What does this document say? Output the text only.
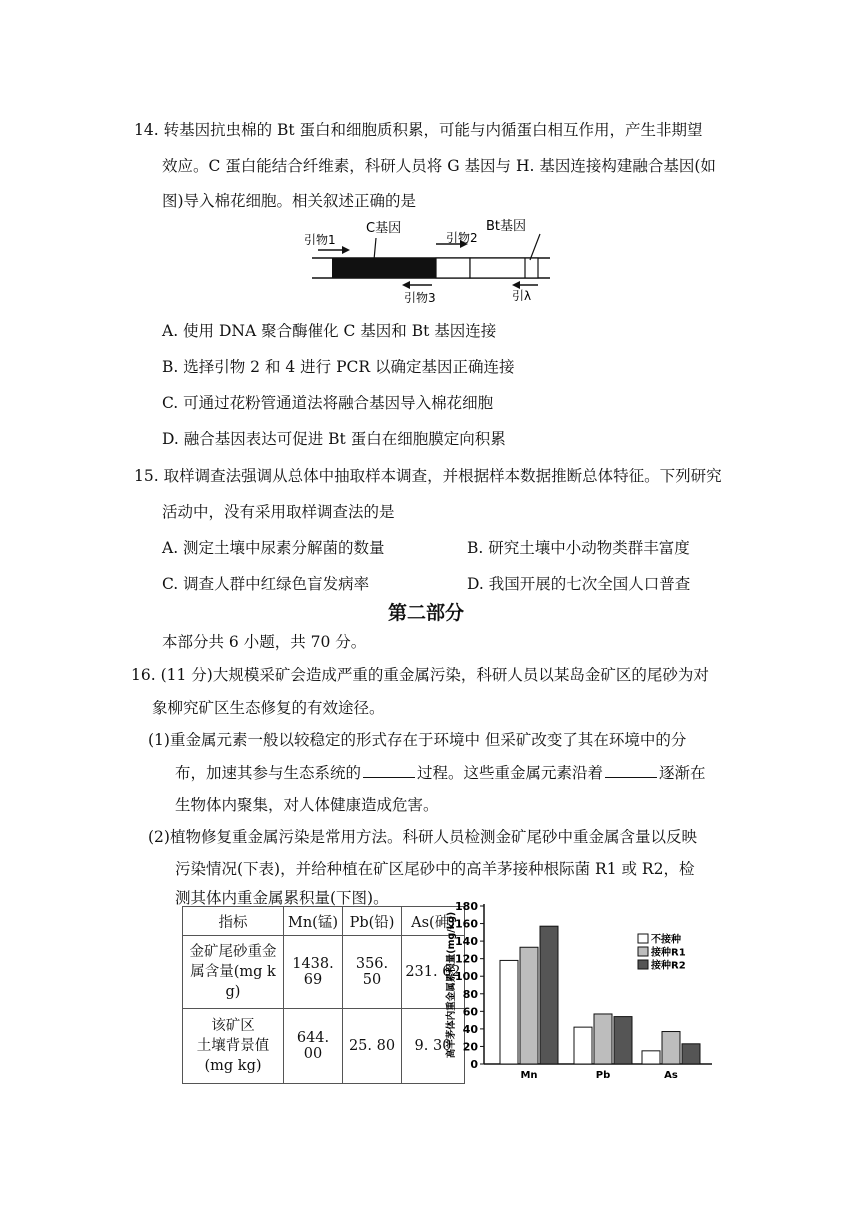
14. 转基因抗虫棉的 Bt 蛋白和细胞质积累，可能与内循蛋白相互作用，产生非期望
效应。C 蛋白能结合纤维素，科研人员将 G 基因与 H. 基因连接构建融合基因(如
图)导入棉花细胞。相关叙述正确的是
引物1
C基因
引物2
Bt基因
引物3	引λ
A. 使用 DNA 聚合酶催化 C 基因和 Bt 基因连接
B. 选择引物 2 和 4 进行 PCR 以确定基因正确连接
C. 可通过花粉管通道法将融合基因导入棉花细胞
D. 融合基因表达可促进 Bt 蛋白在细胞膜定向积累
15. 取样调查法强调从总体中抽取样本调查，并根据样本数据推断总体特征。下列研究
活动中，没有采用取样调查法的是
A. 测定土壤中尿素分解菌的数量	B. 研究土壤中小动物类群丰富度
C. 调查人群中红绿色盲发病率	D. 我国开展的七次全国人口普查
第二部分
本部分共 6 小题，共 70 分。
16. (11 分)大规模采矿会造成严重的重金属污染，科研人员以某岛金矿区的尾砂为对
象柳究矿区生态修复的有效途径。
(1)重金属元素一般以较稳定的形式存在于环境中 但采矿改变了其在环境中的分
布，加速其参与生态系统的	过程。这些重金属元素沿着	逐渐在
生物体内聚集，对人体健康造成危害。
(2)植物修复重金属污染是常用方法。科研人员检测金矿尾砂中重金属含量以反映
污染情况(下表)，并给种植在矿区尾砂中的高羊茅接种根际菌 R1 或 R2，检
测其体内重金属累积量(下图)。
指标	Mn(锰)	Pb(铅)	As(砷)

金矿尾砂重金
属含量(mg k
g)	1438. 69	356. 50	231. 62

该矿区
土壤背景值
(mg kg)	644. 00	25. 80	9. 30
0
20
40
60
80
100
120
140
160
180
高羊茅体内重金属累积量(mg/kg)
Mn	Pb	As
不接种
接种R1
接种R2
